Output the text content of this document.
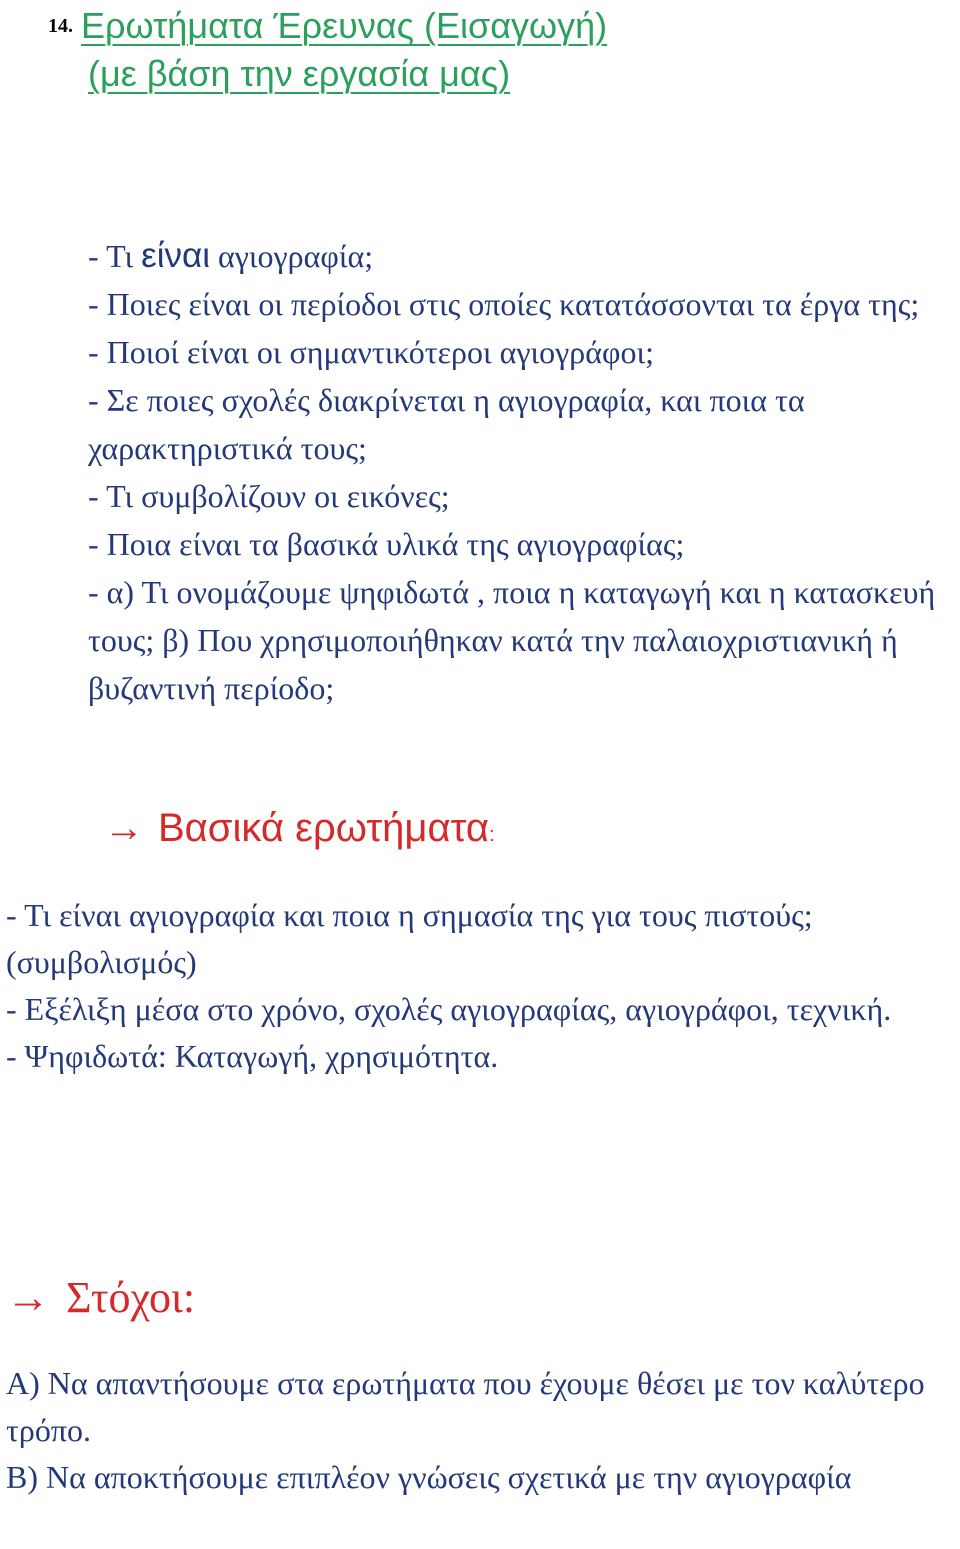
14. Ερωτήματα Έρευνας (Εισαγωγή)
(με βάση την εργασία μας)

- Τι είναι αγιογραφία;

- Ποιες είναι οι περίοδοι στις οποίες κατατάσσονται τα έργα της;

- Ποιοί είναι οι σημαντικότεροι αγιογράφοι;

- Σε ποιες σχολές διακρίνεται η αγιογραφία, και ποια τα χαρακτηριστικά τους;

- Τι συμβολίζουν οι εικόνες;

- Ποια είναι τα βασικά υλικά της αγιογραφίας;

- α) Τι ονομάζουμε ψηφιδωτά , ποια η καταγωγή και η κατασκευή τους; β) Που χρησιμοποιήθηκαν κατά την παλαιοχριστιανική ή βυζαντινή περίοδο;

→ Βασικά ερωτήματα :

- Τι είναι αγιογραφία και ποια η σημασία της για τους πιστούς; (συμβολισμός)

- Εξέλιξη μέσα στο χρόνο, σχολές αγιογραφίας, αγιογράφοι, τεχνική.

- Ψηφιδωτά: Καταγωγή, χρησιμότητα.

→ Στόχοι:

Α) Να απαντήσουμε στα ερωτήματα που έχουμε θέσει με τον καλύτερο τρόπο.

Β) Να αποκτήσουμε επιπλέον γνώσεις σχετικά με την αγιογραφία
